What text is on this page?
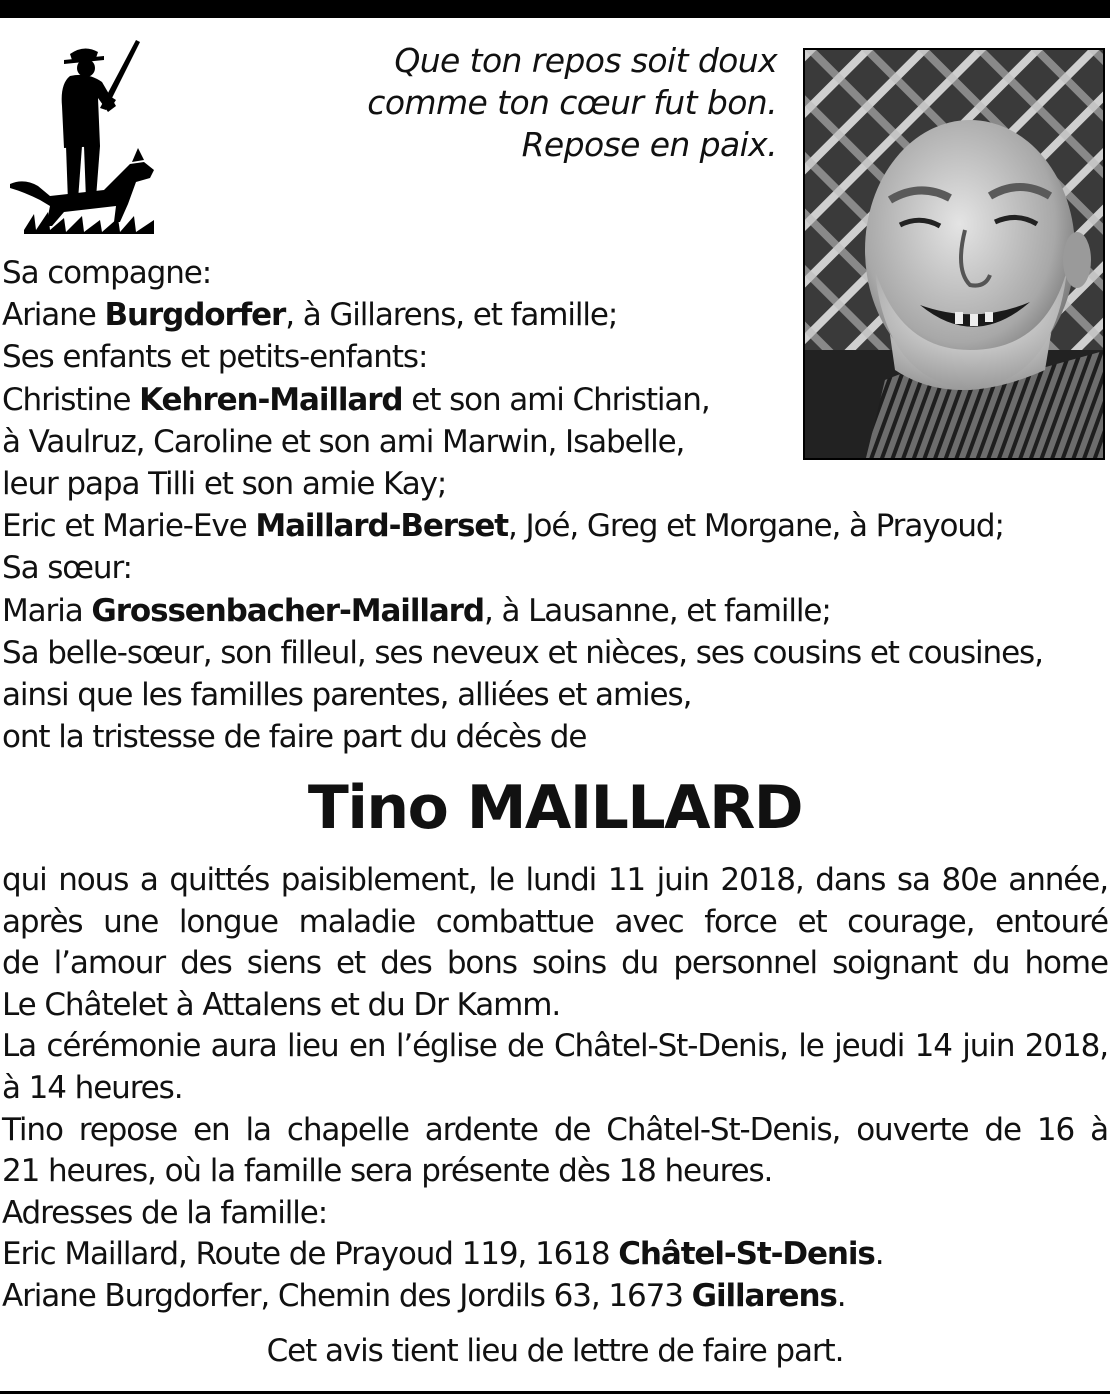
Que ton repos soit doux
comme ton cœur fut bon.
Repose en paix.
Sa compagne:
Ariane Burgdorfer, à Gillarens, et famille;
Ses enfants et petits-enfants:
Christine Kehren-Maillard et son ami Christian,
à Vaulruz, Caroline et son ami Marwin, Isabelle,
leur papa Tilli et son amie Kay;
Eric et Marie-Eve Maillard-Berset, Joé, Greg et Morgane, à Prayoud;
Sa sœur:
Maria Grossenbacher-Maillard, à Lausanne, et famille;
Sa belle-sœur, son filleul, ses neveux et nièces, ses cousins et cousines,
ainsi que les familles parentes, alliées et amies,
ont la tristesse de faire part du décès de
Tino MAILLARD
qui nous a quittés paisiblement, le lundi 11 juin 2018, dans sa 80e année,
après une longue maladie combattue avec force et courage, entouré
de l’amour des siens et des bons soins du personnel soignant du home
Le Châtelet à Attalens et du Dr Kamm.
La cérémonie aura lieu en l’église de Châtel-St-Denis, le jeudi 14 juin 2018,
à 14 heures.
Tino repose en la chapelle ardente de Châtel-St-Denis, ouverte de 16 à
21 heures, où la famille sera présente dès 18 heures.
Adresses de la famille:
Eric Maillard, Route de Prayoud 119, 1618 Châtel-St-Denis.
Ariane Burgdorfer, Chemin des Jordils 63, 1673 Gillarens.
Cet avis tient lieu de lettre de faire part.
